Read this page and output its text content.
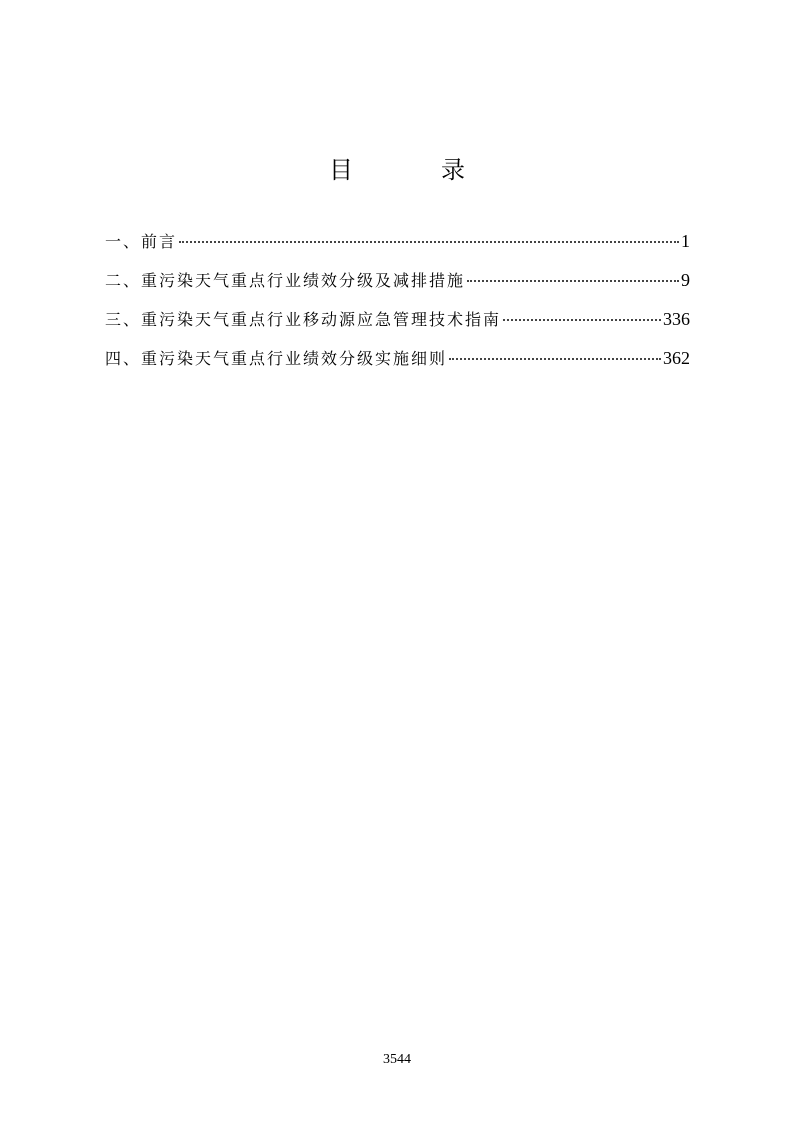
目　录
一、前言	1
二、重污染天气重点行业绩效分级及减排措施	9
三、重污染天气重点行业移动源应急管理技术指南	336
四、重污染天气重点行业绩效分级实施细则	362
3544
